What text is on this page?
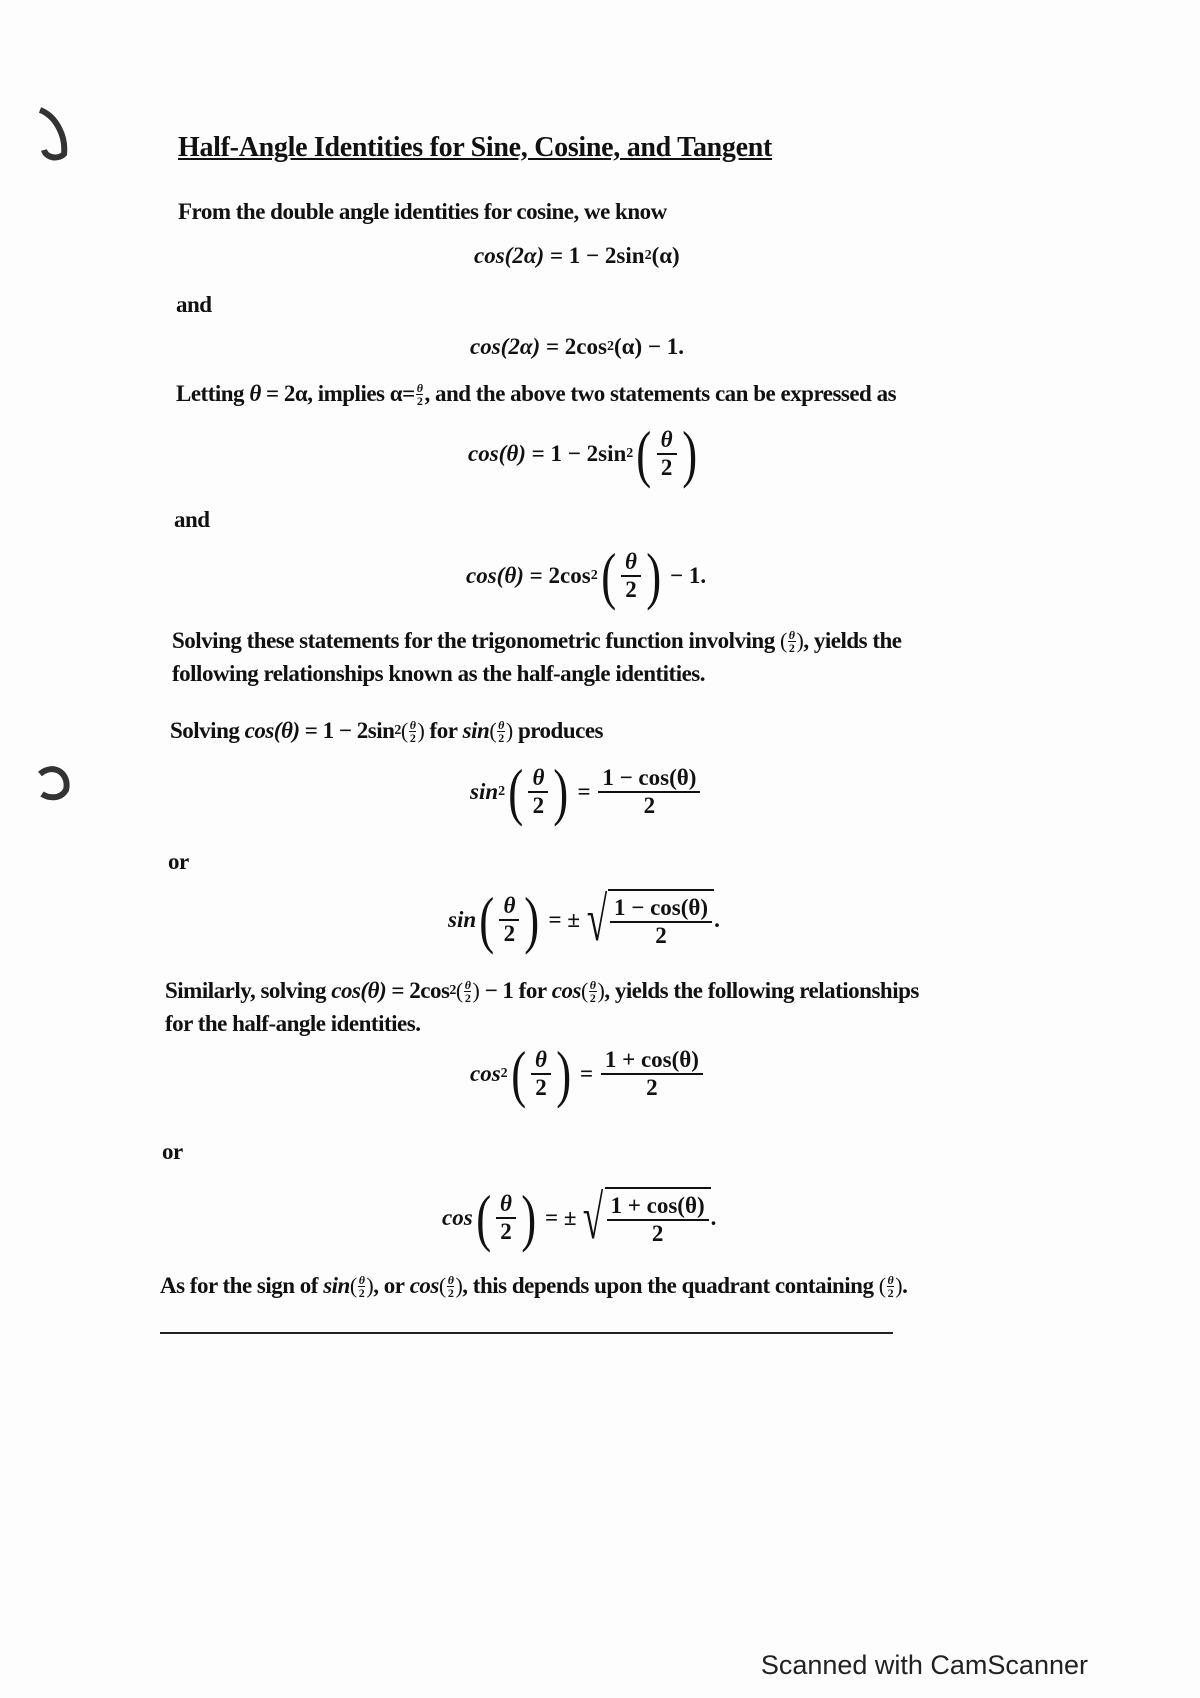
Half-Angle Identities for Sine, Cosine, and Tangent
From the double angle identities for cosine, we know
cos(2α)
= 1 − 2sin 2 (α)
and
cos(2α)
= 2cos 2 (α) − 1.
Letting
θ
= 2α, implies
$\alpha= \frac{\theta}{2}$ , and the above two statements can be expressed as
cos(θ)
= 1 − 2sin 2 ( $\frac{\theta}{2}$ )
and
cos(θ)
= 2cos 2 ( $\frac{\theta}{2}$ )
− 1.
Solving these statements for the trigonometric function involving
( $\frac{\theta}{2}$ ) , yields the
following relationships known as the half-angle identities.
Solving
cos(θ)
= 1 − 2sin 2 ( $\frac{\theta}{2}$ )
for
sin ( $\frac{\theta}{2}$ )
produces
sin 2 ( $\frac{\theta}{2}$ )
=
$\frac{1 - \cos(\theta)}{2}$
or
sin ( $\frac{\theta}{2}$ )
= ± √ $\frac{1 - \cos(\theta)}{2}$ .
Similarly, solving
cos(θ)
= 2cos 2 ( $\frac{\theta}{2}$ )
− 1 for
cos ( $\frac{\theta}{2}$ ) , yields the following relationships
for the half-angle identities.
cos 2 ( $\frac{\theta}{2}$ )
=
$\frac{1 + \cos(\theta)}{2}$
or
cos ( $\frac{\theta}{2}$ )
= ± √ $\frac{1 + \cos(\theta)}{2}$ .
As for the sign of
sin ( $\frac{\theta}{2}$ ) , or
cos ( $\frac{\theta}{2}$ ) , this depends upon the quadrant containing
( $\frac{\theta}{2}$ ) .
Scanned with CamScanner
